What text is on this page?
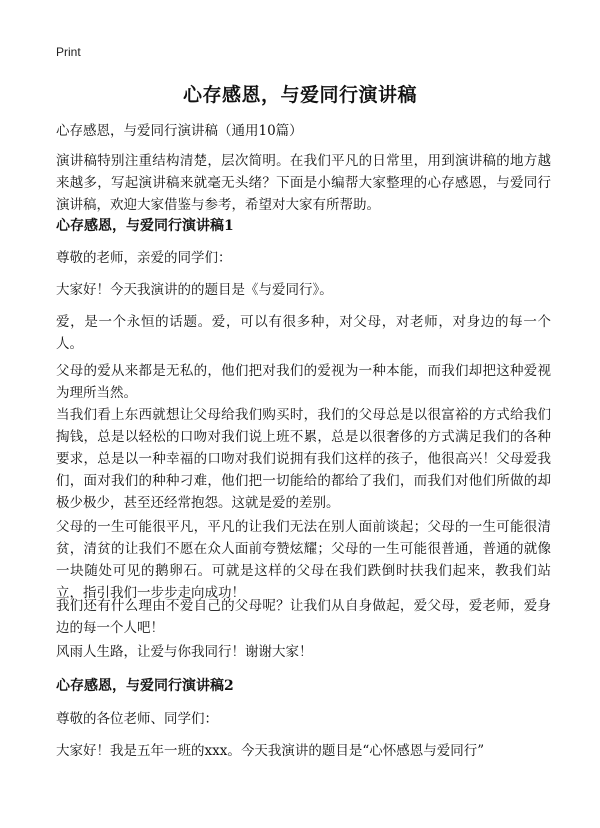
Print
心存感恩，与爱同行演讲稿

心存感恩，与爱同行演讲稿（通用10篇）

演讲稿特别注重结构清楚，层次简明。在我们平凡的日常里，用到演讲稿的地方越来越多，写起演讲稿来就毫无头绪？下面是小编帮大家整理的心存感恩，与爱同行演讲稿，欢迎大家借鉴与参考，希望对大家有所帮助。

心存感恩，与爱同行演讲稿1

尊敬的老师，亲爱的同学们：

大家好！今天我演讲的的题目是《与爱同行》。

爱，是一个永恒的话题。爱，可以有很多种，对父母，对老师，对身边的每一个人。

父母的爱从来都是无私的，他们把对我们的爱视为一种本能，而我们却把这种爱视为理所当然。

当我们看上东西就想让父母给我们购买时，我们的父母总是以很富裕的方式给我们掏钱，总是以轻松的口吻对我们说上班不累，总是以很奢侈的方式满足我们的各种要求，总是以一种幸福的口吻对我们说拥有我们这样的孩子，他很高兴！父母爱我们，面对我们的种种刁难，他们把一切能给的都给了我们，而我们对他们所做的却极少极少，甚至还经常抱怨。这就是爱的差别。

父母的一生可能很平凡，平凡的让我们无法在别人面前谈起；父母的一生可能很清贫，清贫的让我们不愿在众人面前夸赞炫耀；父母的一生可能很普通，普通的就像一块随处可见的鹅卵石。可就是这样的父母在我们跌倒时扶我们起来，教我们站立，指引我们一步步走向成功！

我们还有什么理由不爱自己的父母呢？让我们从自身做起，爱父母，爱老师，爱身边的每一个人吧！

风雨人生路，让爱与你我同行！谢谢大家！

心存感恩，与爱同行演讲稿2

尊敬的各位老师、同学们：

大家好！我是五年一班的xxx。今天我演讲的题目是“心怀感恩与爱同行”
